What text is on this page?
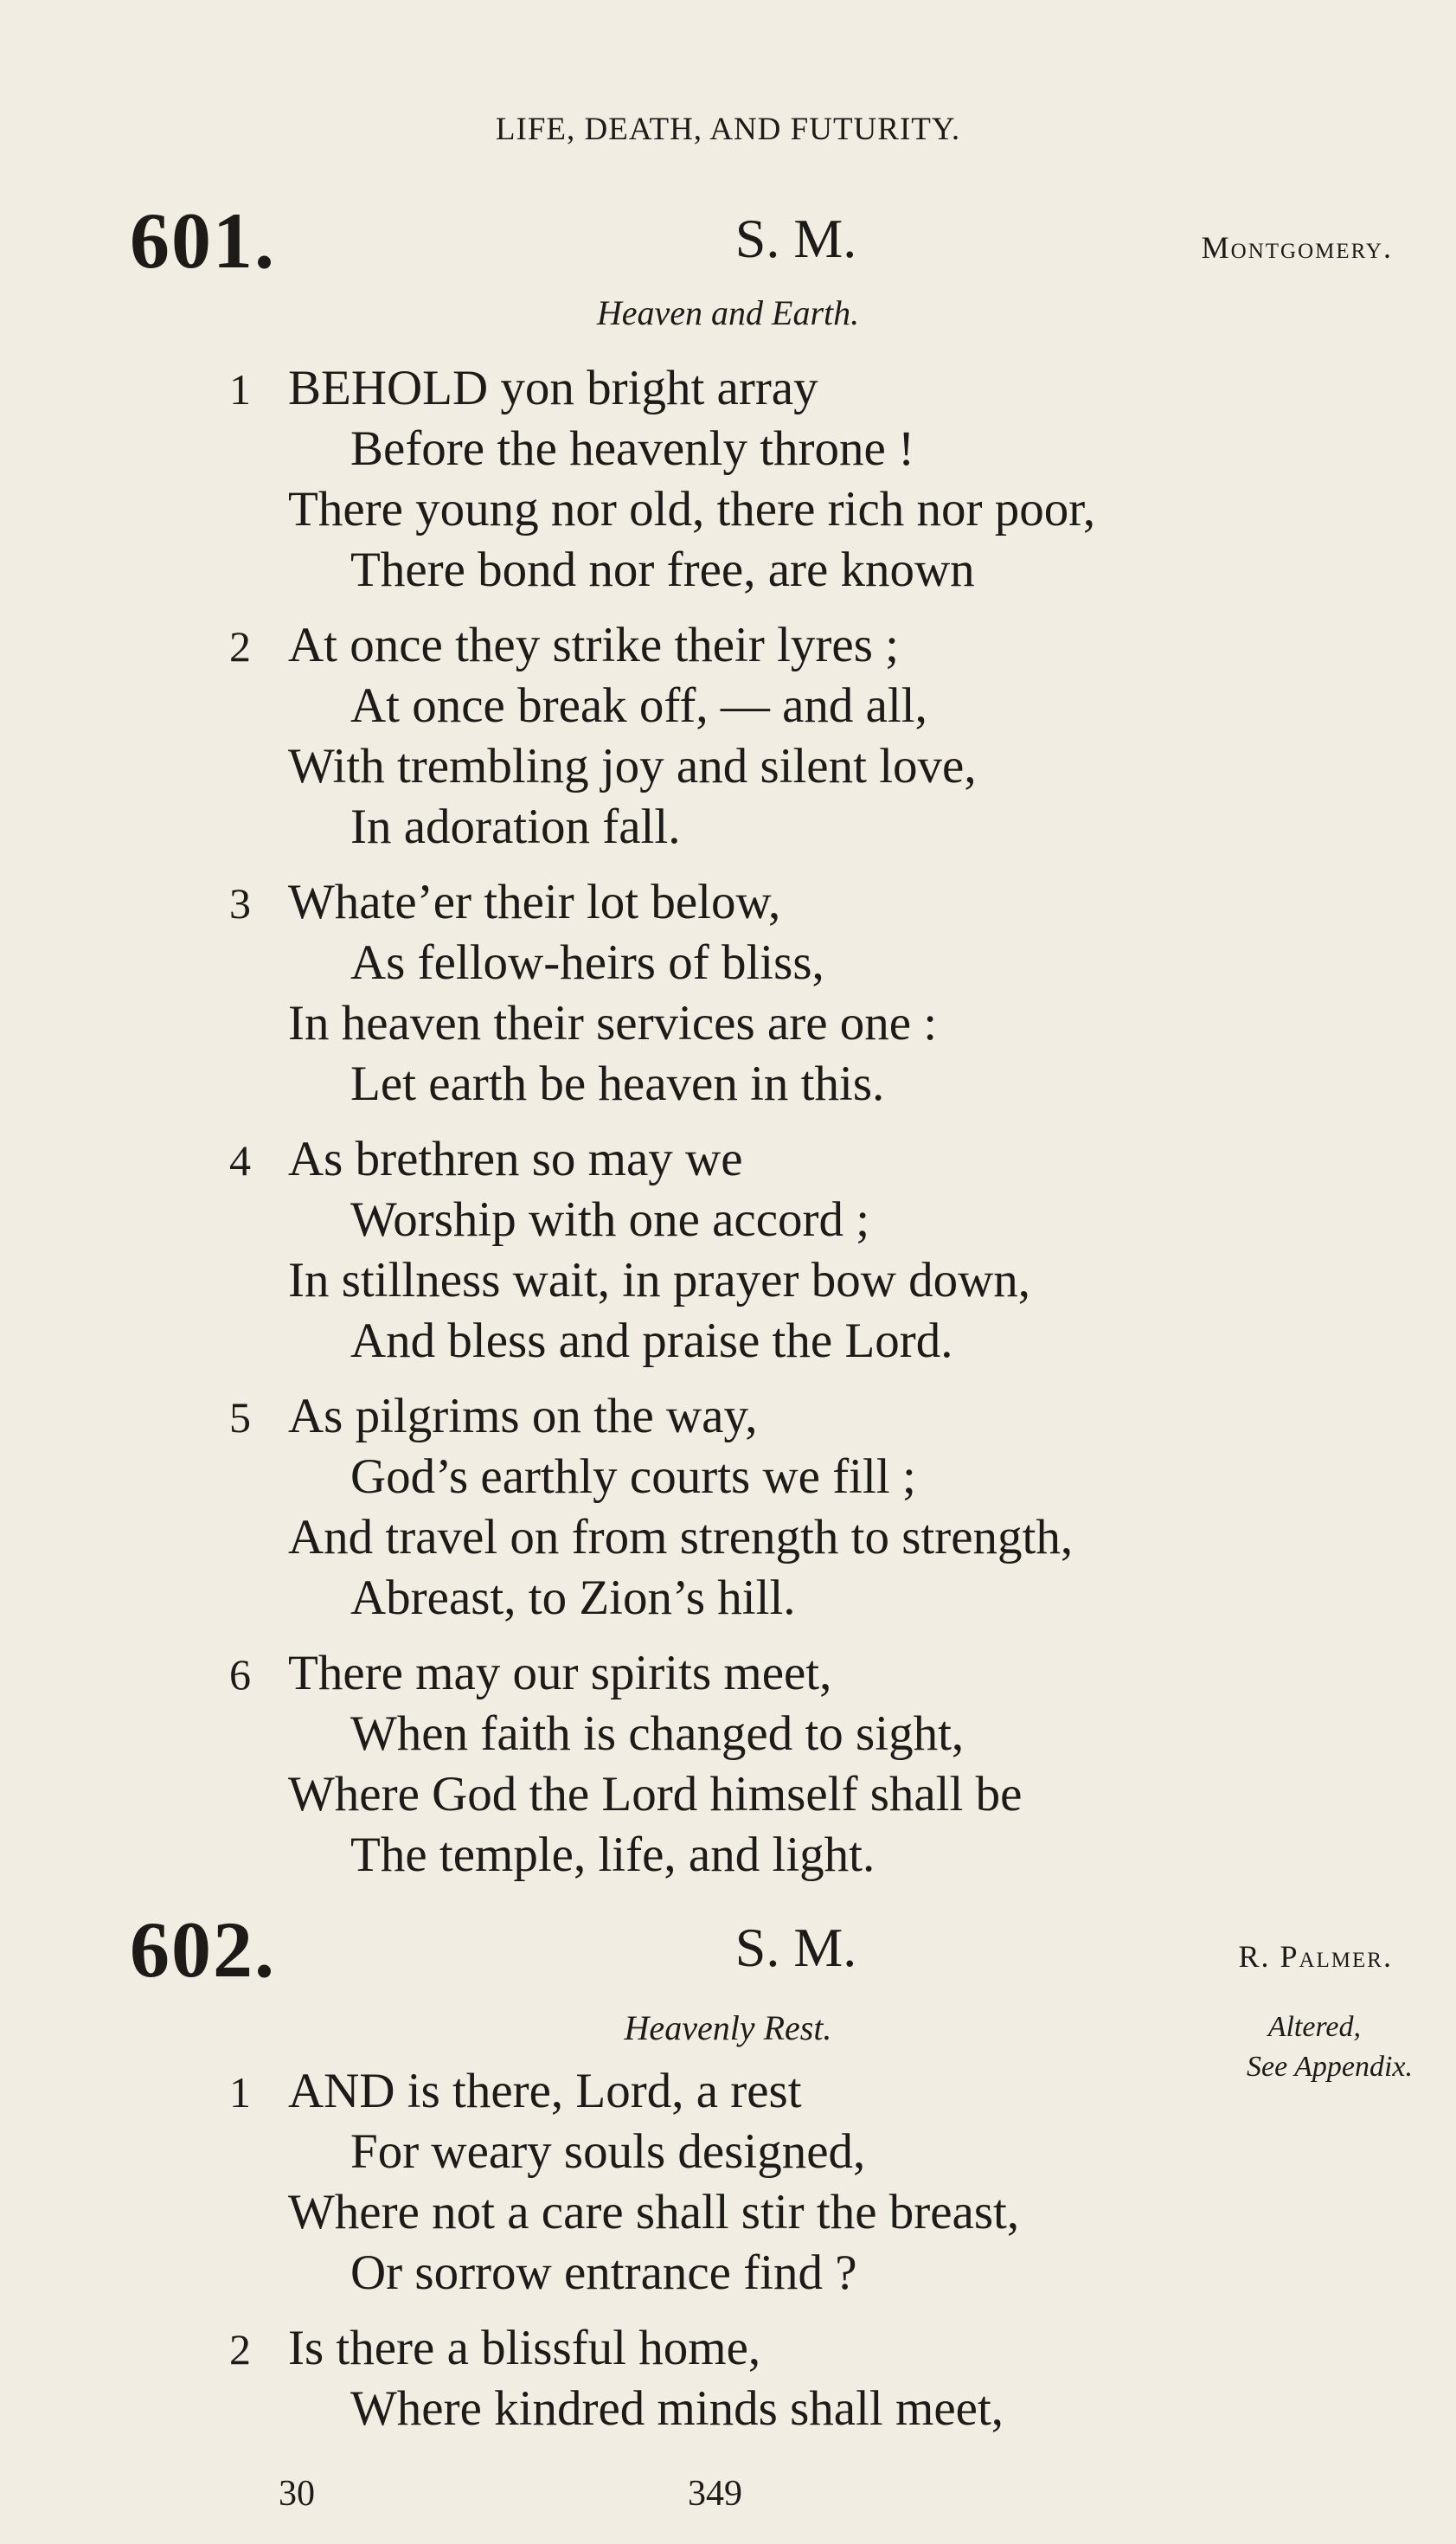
LIFE, DEATH, AND FUTURITY.
601.	S. M.	Montgomery.
Heaven and Earth.
1 BEHOLD yon bright array
Before the heavenly throne !
There young nor old, there rich nor poor,
There bond nor free, are known
2 At once they strike their lyres ;
At once break off, — and all,
With trembling joy and silent love,
In adoration fall.
3 Whate’er their lot below,
As fellow-heirs of bliss,
In heaven their services are one :
Let earth be heaven in this.
4 As brethren so may we
Worship with one accord ;
In stillness wait, in prayer bow down,
And bless and praise the Lord.
5 As pilgrims on the way,
God’s earthly courts we fill ;
And travel on from strength to strength,
Abreast, to Zion’s hill.
6 There may our spirits meet,
When faith is changed to sight,
Where God the Lord himself shall be
The temple, life, and light.
602.	S. M.	R. Palmer.
Heavenly Rest.	Altered,
See Appendix.
1 AND is there, Lord, a rest
For weary souls designed,
Where not a care shall stir the breast,
Or sorrow entrance find ?
2 Is there a blissful home,
Where kindred minds shall meet,
30	349
